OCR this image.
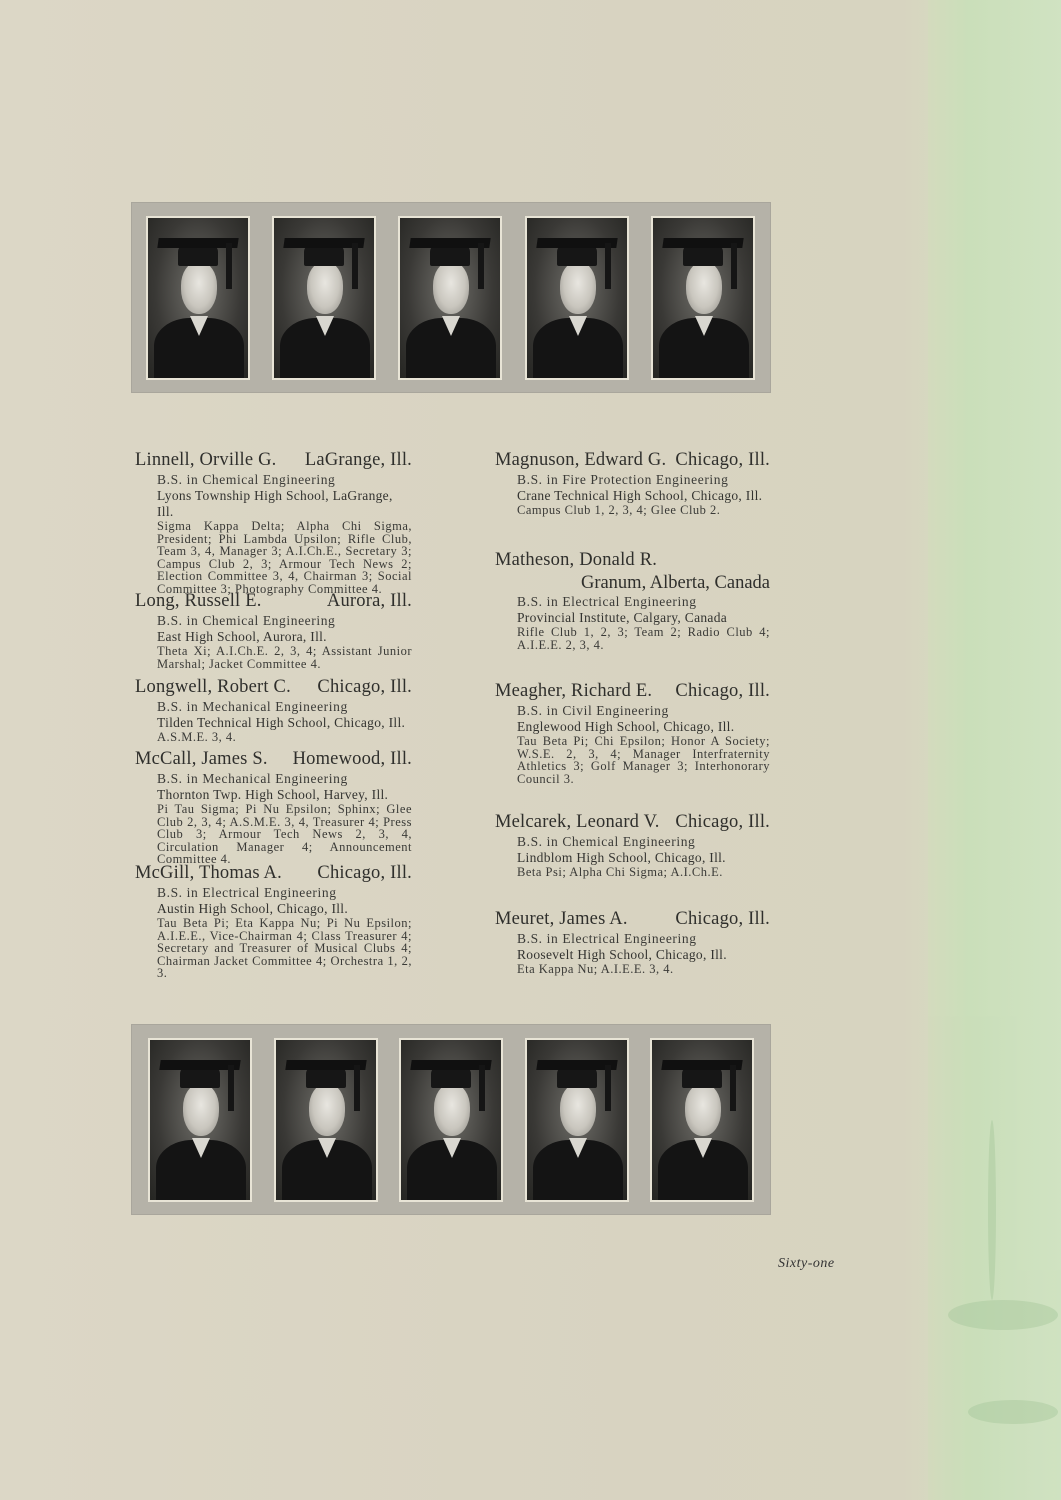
Linnell, Orville G. LaGrange, Ill.
B.S. in Chemical Engineering
Lyons Township High School, LaGrange, Ill.
Sigma Kappa Delta; Alpha Chi Sigma, President; Phi Lambda Upsilon; Rifle Club, Team 3, 4, Manager 3; A.I.Ch.E., Secretary 3; Campus Club 2, 3; Armour Tech News 2; Election Committee 3, 4, Chairman 3; Social Committee 3; Photography Committee 4.
Long, Russell E.	Aurora, Ill.
B.S. in Chemical Engineering
East High School, Aurora, Ill.
Theta Xi; A.I.Ch.E. 2, 3, 4; Assistant Junior Marshal; Jacket Committee 4.
Longwell, Robert C. Chicago, Ill.
B.S. in Mechanical Engineering
Tilden Technical High School, Chicago, Ill.
A.S.M.E. 3, 4.
McCall, James S. Homewood, Ill.
B.S. in Mechanical Engineering
Thornton Twp. High School, Harvey, Ill.
Pi Tau Sigma; Pi Nu Epsilon; Sphinx; Glee Club 2, 3, 4; A.S.M.E. 3, 4, Treasurer 4; Press Club 3; Armour Tech News 2, 3, 4, Circulation Manager 4; Announcement Committee 4.
McGill, Thomas A. Chicago, Ill.
B.S. in Electrical Engineering
Austin High School, Chicago, Ill.
Tau Beta Pi; Eta Kappa Nu; Pi Nu Epsilon; A.I.E.E., Vice-Chairman 4; Class Treasurer 4; Secretary and Treasurer of Musical Clubs 4; Chairman Jacket Committee 4; Orchestra 1, 2, 3.
Magnuson, Edward G. Chicago, Ill.
B.S. in Fire Protection Engineering
Crane Technical High School, Chicago, Ill.
Campus Club 1, 2, 3, 4; Glee Club 2.
Matheson, Donald R.
Granum, Alberta, Canada
B.S. in Electrical Engineering
Provincial Institute, Calgary, Canada
Rifle Club 1, 2, 3; Team 2; Radio Club 4; A.I.E.E. 2, 3, 4.
Meagher, Richard E. Chicago, Ill.
B.S. in Civil Engineering
Englewood High School, Chicago, Ill.
Tau Beta Pi; Chi Epsilon; Honor A Society; W.S.E. 2, 3, 4; Manager Interfraternity Athletics 3; Golf Manager 3; Interhonorary Council 3.
Melcarek, Leonard V. Chicago, Ill.
B.S. in Chemical Engineering
Lindblom High School, Chicago, Ill.
Beta Psi; Alpha Chi Sigma; A.I.Ch.E.
Meuret, James A.	Chicago, Ill.
B.S. in Electrical Engineering
Roosevelt High School, Chicago, Ill.
Eta Kappa Nu; A.I.E.E. 3, 4.
Sixty-one
